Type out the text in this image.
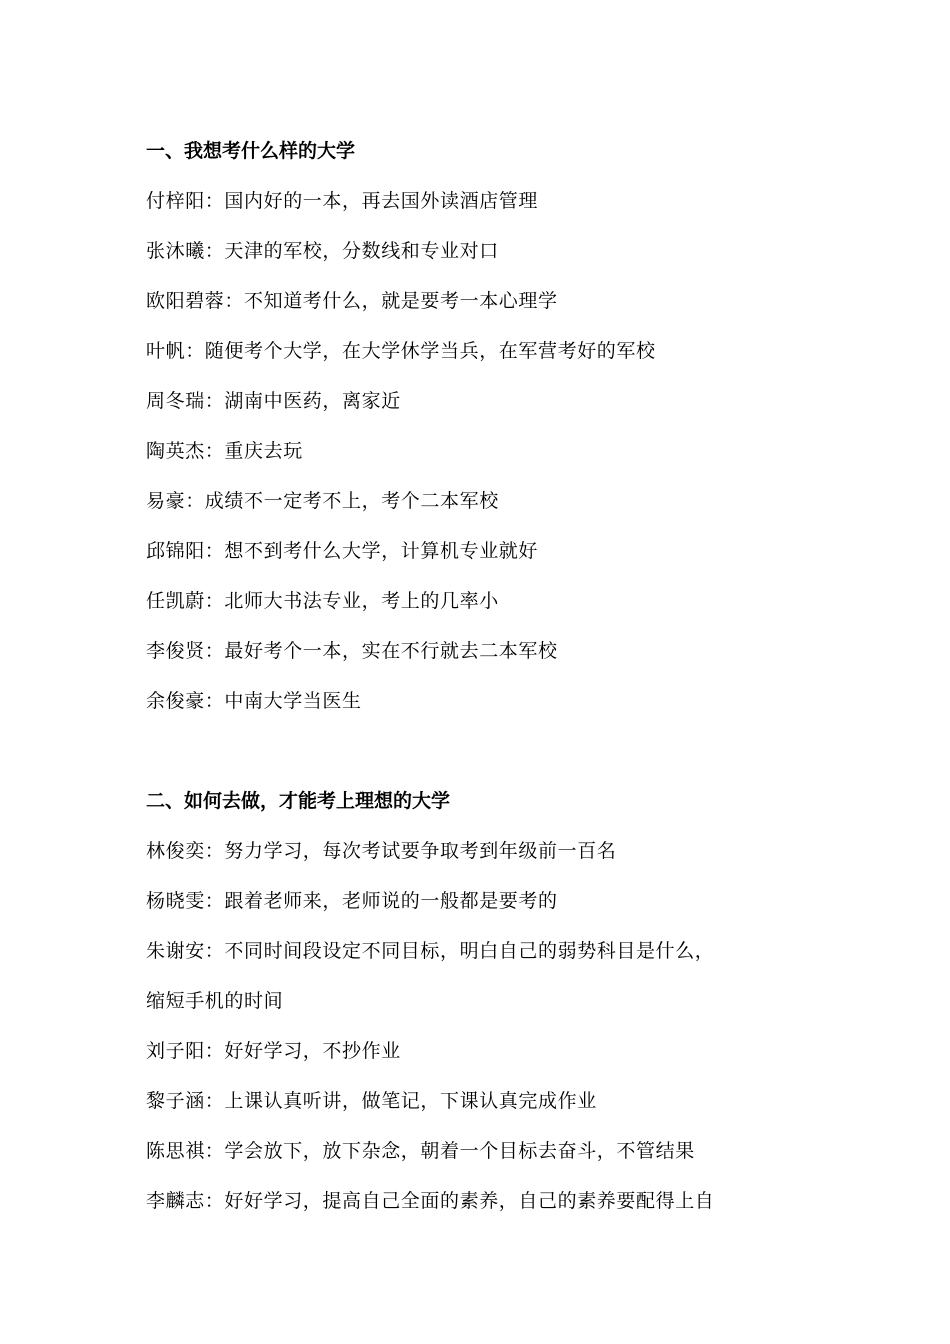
一、我想考什么样的大学
付梓阳：国内好的一本，再去国外读酒店管理
张沐曦：天津的军校，分数线和专业对口
欧阳碧蓉：不知道考什么，就是要考一本心理学
叶帆：随便考个大学，在大学休学当兵，在军营考好的军校
周冬瑞：湖南中医药，离家近
陶英杰：重庆去玩
易豪：成绩不一定考不上，考个二本军校
邱锦阳：想不到考什么大学，计算机专业就好
任凯蔚：北师大书法专业，考上的几率小
李俊贤：最好考个一本，实在不行就去二本军校
余俊豪：中南大学当医生
二、如何去做，才能考上理想的大学
林俊奕：努力学习，每次考试要争取考到年级前一百名
杨晓雯：跟着老师来，老师说的一般都是要考的
朱谢安：不同时间段设定不同目标，明白自己的弱势科目是什么，
缩短手机的时间
刘子阳：好好学习，不抄作业
黎子涵：上课认真听讲，做笔记，下课认真完成作业
陈思祺：学会放下，放下杂念，朝着一个目标去奋斗，不管结果
李麟志：好好学习，提高自己全面的素养，自己的素养要配得上自
